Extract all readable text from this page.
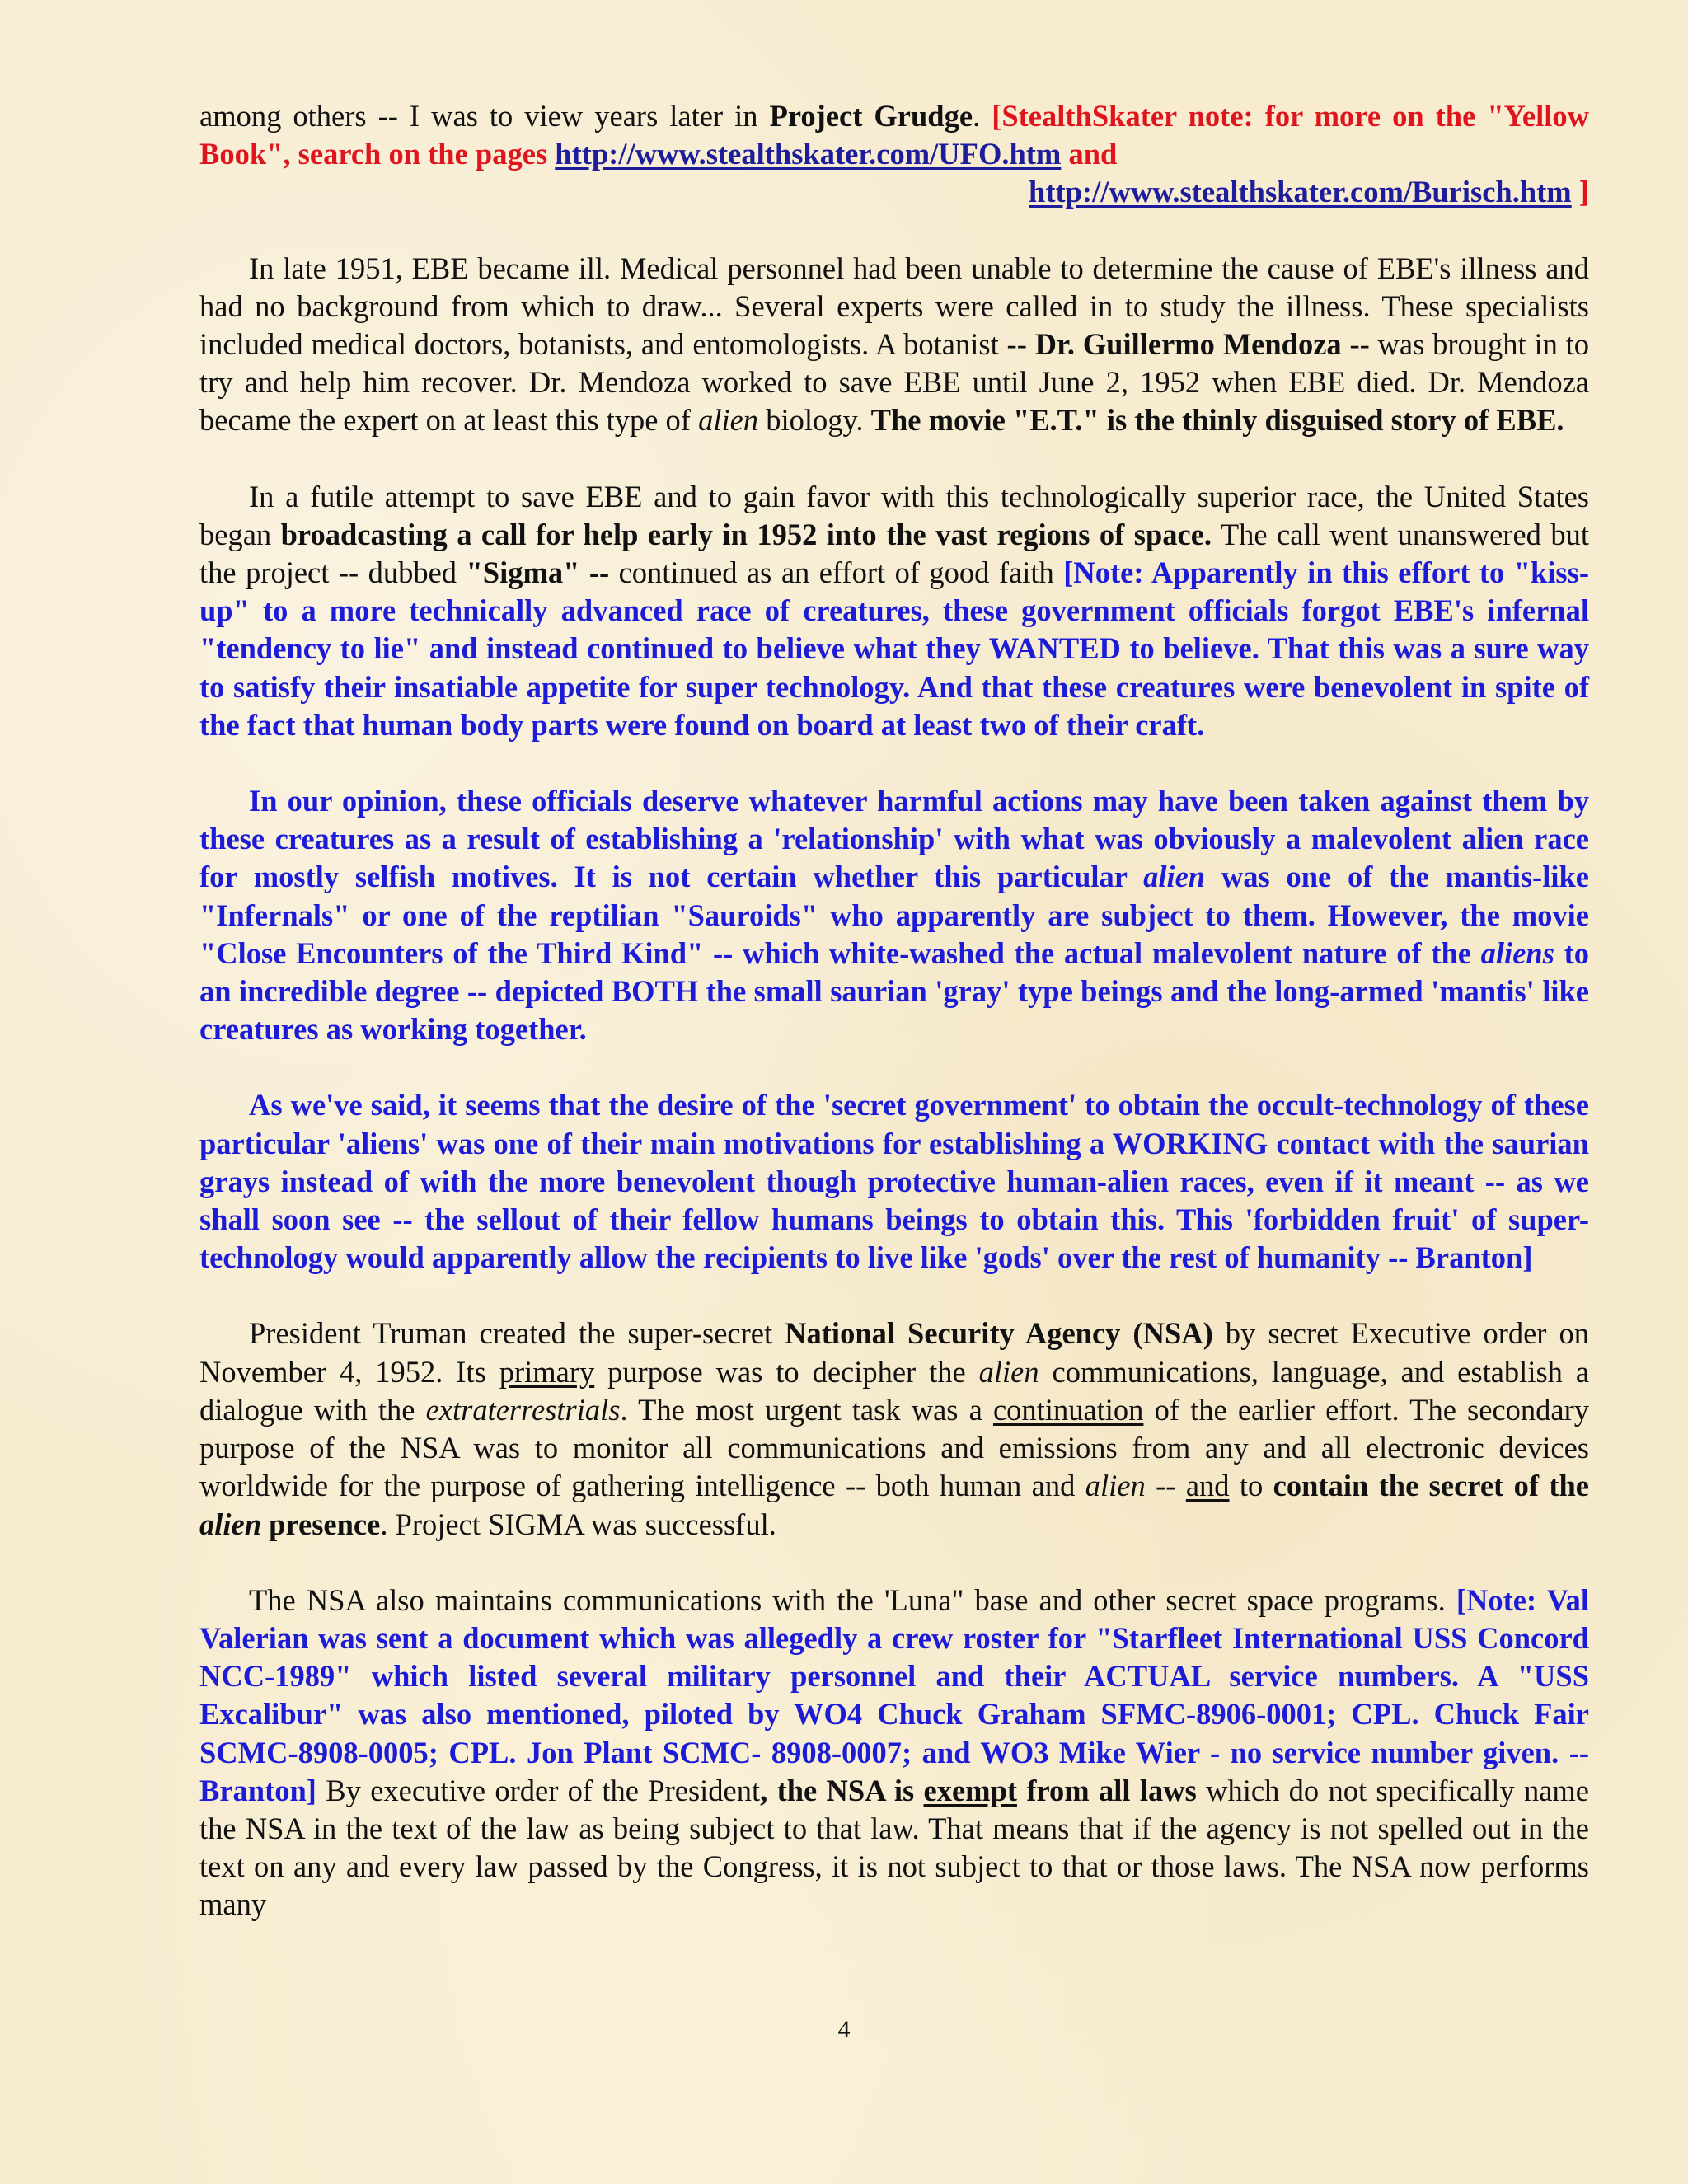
among others -- I was to view years later in Project Grudge. [StealthSkater note: for more on the "Yellow Book", search on the pages http://www.stealthskater.com/UFO.htm and

http://www.stealthskater.com/Burisch.htm ]

In late 1951, EBE became ill. Medical personnel had been unable to determine the cause of EBE's illness and had no background from which to draw... Several experts were called in to study the illness. These specialists included medical doctors, botanists, and entomologists. A botanist -- Dr. Guillermo Mendoza -- was brought in to try and help him recover. Dr. Mendoza worked to save EBE until June 2, 1952 when EBE died. Dr. Mendoza became the expert on at least this type of alien biology. The movie "E.T." is the thinly disguised story of EBE.

In a futile attempt to save EBE and to gain favor with this technologically superior race, the United States began broadcasting a call for help early in 1952 into the vast regions of space. The call went unanswered but the project -- dubbed "Sigma" -- continued as an effort of good faith [Note: Apparently in this effort to "kiss-up" to a more technically advanced race of creatures, these government officials forgot EBE's infernal "tendency to lie" and instead continued to believe what they WANTED to believe. That this was a sure way to satisfy their insatiable appetite for super technology. And that these creatures were benevolent in spite of the fact that human body parts were found on board at least two of their craft.

In our opinion, these officials deserve whatever harmful actions may have been taken against them by these creatures as a result of establishing a 'relationship' with what was obviously a malevolent alien race for mostly selfish motives. It is not certain whether this particular alien was one of the mantis-like "Infernals" or one of the reptilian "Sauroids" who apparently are subject to them. However, the movie "Close Encounters of the Third Kind" -- which white-washed the actual malevolent nature of the aliens to an incredible degree -- depicted BOTH the small saurian 'gray' type beings and the long-armed 'mantis' like creatures as working together.

As we've said, it seems that the desire of the 'secret government' to obtain the occult-technology of these particular 'aliens' was one of their main motivations for establishing a WORKING contact with the saurian grays instead of with the more benevolent though protective human-alien races, even if it meant -- as we shall soon see -- the sellout of their fellow humans beings to obtain this. This 'forbidden fruit' of super-technology would apparently allow the recipients to live like 'gods' over the rest of humanity -- Branton]

President Truman created the super-secret National Security Agency (NSA) by secret Executive order on November 4, 1952. Its primary purpose was to decipher the alien communications, language, and establish a dialogue with the extraterrestrials. The most urgent task was a continuation of the earlier effort. The secondary purpose of the NSA was to monitor all communications and emissions from any and all electronic devices worldwide for the purpose of gathering intelligence -- both human and alien -- and to contain the secret of the alien presence. Project SIGMA was successful.

The NSA also maintains communications with the 'Luna" base and other secret space programs. [Note: Val Valerian was sent a document which was allegedly a crew roster for "Starfleet International USS Concord NCC-1989" which listed several military personnel and their ACTUAL service numbers. A "USS Excalibur" was also mentioned, piloted by WO4 Chuck Graham SFMC-8906-0001; CPL. Chuck Fair SCMC-8908-0005; CPL. Jon Plant SCMC- 8908-0007; and WO3 Mike Wier - no service number given. -- Branton] By executive order of the President, the NSA is exempt from all laws which do not specifically name the NSA in the text of the law as being subject to that law. That means that if the agency is not spelled out in the text on any and every law passed by the Congress, it is not subject to that or those laws. The NSA now performs many

4
